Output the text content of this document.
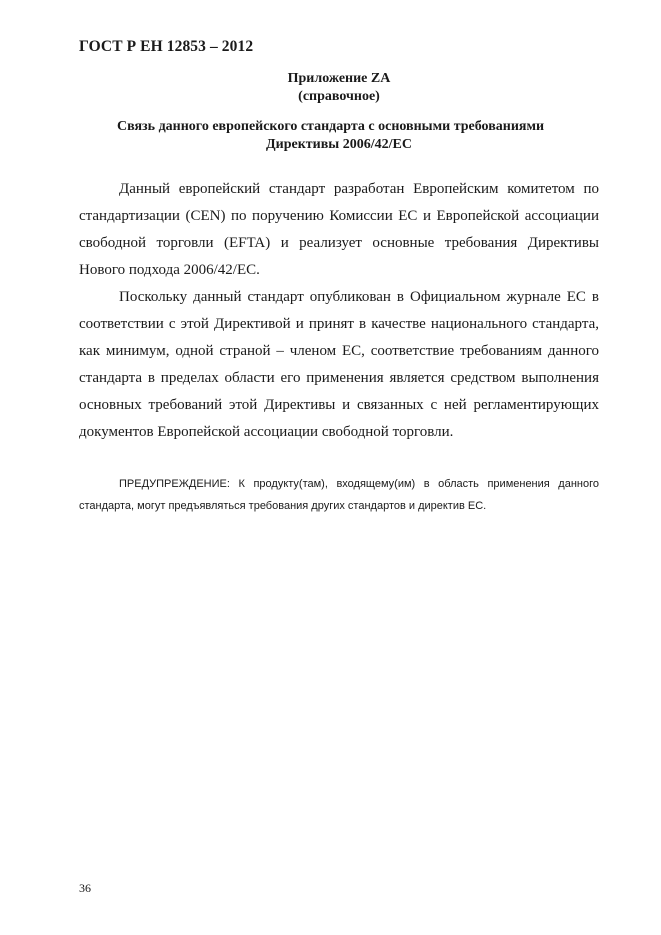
ГОСТ Р ЕН 12853 – 2012
Приложение ZA
(справочное)
Связь данного европейского стандарта с основными требованиями
Директивы 2006/42/ЕС

Данный европейский стандарт разработан Европейским комитетом по стандартизации (CEN) по поручению Комиссии ЕС и Европейской ассоциации свободной торговли (EFTA) и реализует основные требования Директивы Нового подхода 2006/42/ЕС.

Поскольку данный стандарт опубликован в Официальном журнале ЕС в соответствии с этой Директивой и принят в качестве национального стандарта, как минимум, одной страной – членом ЕС, соответствие требованиям данного стандарта в пределах области его применения является средством выполнения основных требований этой Директивы и связанных с ней регламентирующих документов Европейской ассоциации свободной торговли.

ПРЕДУПРЕЖДЕНИЕ: К продукту(там), входящему(им) в область применения данного стандарта, могут предъявляться требования других стандартов и директив ЕС.
36
